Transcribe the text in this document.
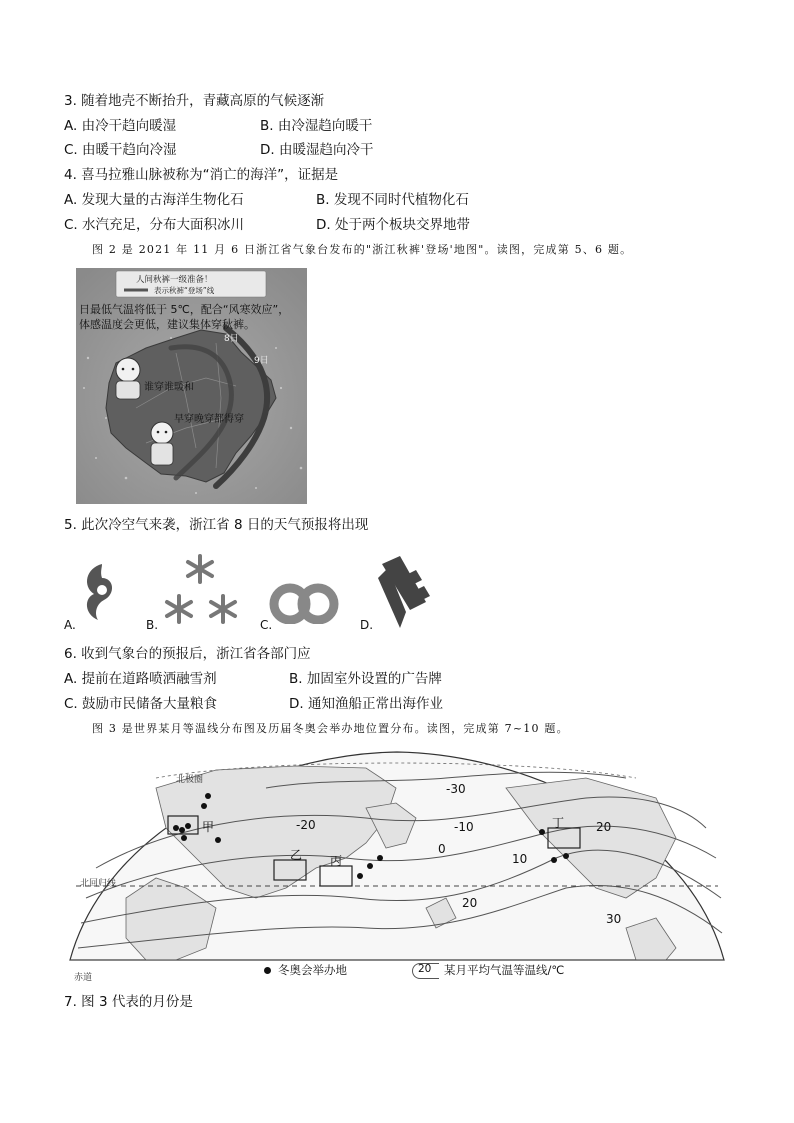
3. 随着地壳不断抬升，青藏高原的气候逐渐
A. 由冷干趋向暖湿	B. 由冷湿趋向暖干
C. 由暖干趋向冷湿	D. 由暖湿趋向冷干
4. 喜马拉雅山脉被称为“消亡的海洋”，证据是
A. 发现大量的古海洋生物化石	B. 发现不同时代植物化石
C. 水汽充足，分布大面积冰川	D. 处于两个板块交界地带
图 2 是 2021 年 11 月 6 日浙江省气象台发布的"浙江秋裤'登场'地图"。读图，完成第 5、6 题。
人间秋裤一级准备！
表示秋裤“登场”线
日最低气温将低于 5℃，配合“风寒效应”，
体感温度会更低，建议集体穿秋裤。
8日
9日
谁穿谁暖和
早穿晚穿都得穿
5. 此次冷空气来袭，浙江省 8 日的天气预报将出现
A.	B.	C.	D.
6. 收到气象台的预报后，浙江省各部门应
A. 提前在道路喷洒融雪剂	B. 加固室外设置的广告牌
C. 鼓励市民储备大量粮食	D. 通知渔船正常出海作业
图 3 是世界某月等温线分布图及历届冬奥会举办地位置分布。读图，完成第 7~10 题。
北极圈
北回归线
赤道
甲
乙 丙
丁
-30
-20	-10
0
10
20
20
30
冬奥会举办地	20 某月平均气温等温线/℃
7. 图 3 代表的月份是
